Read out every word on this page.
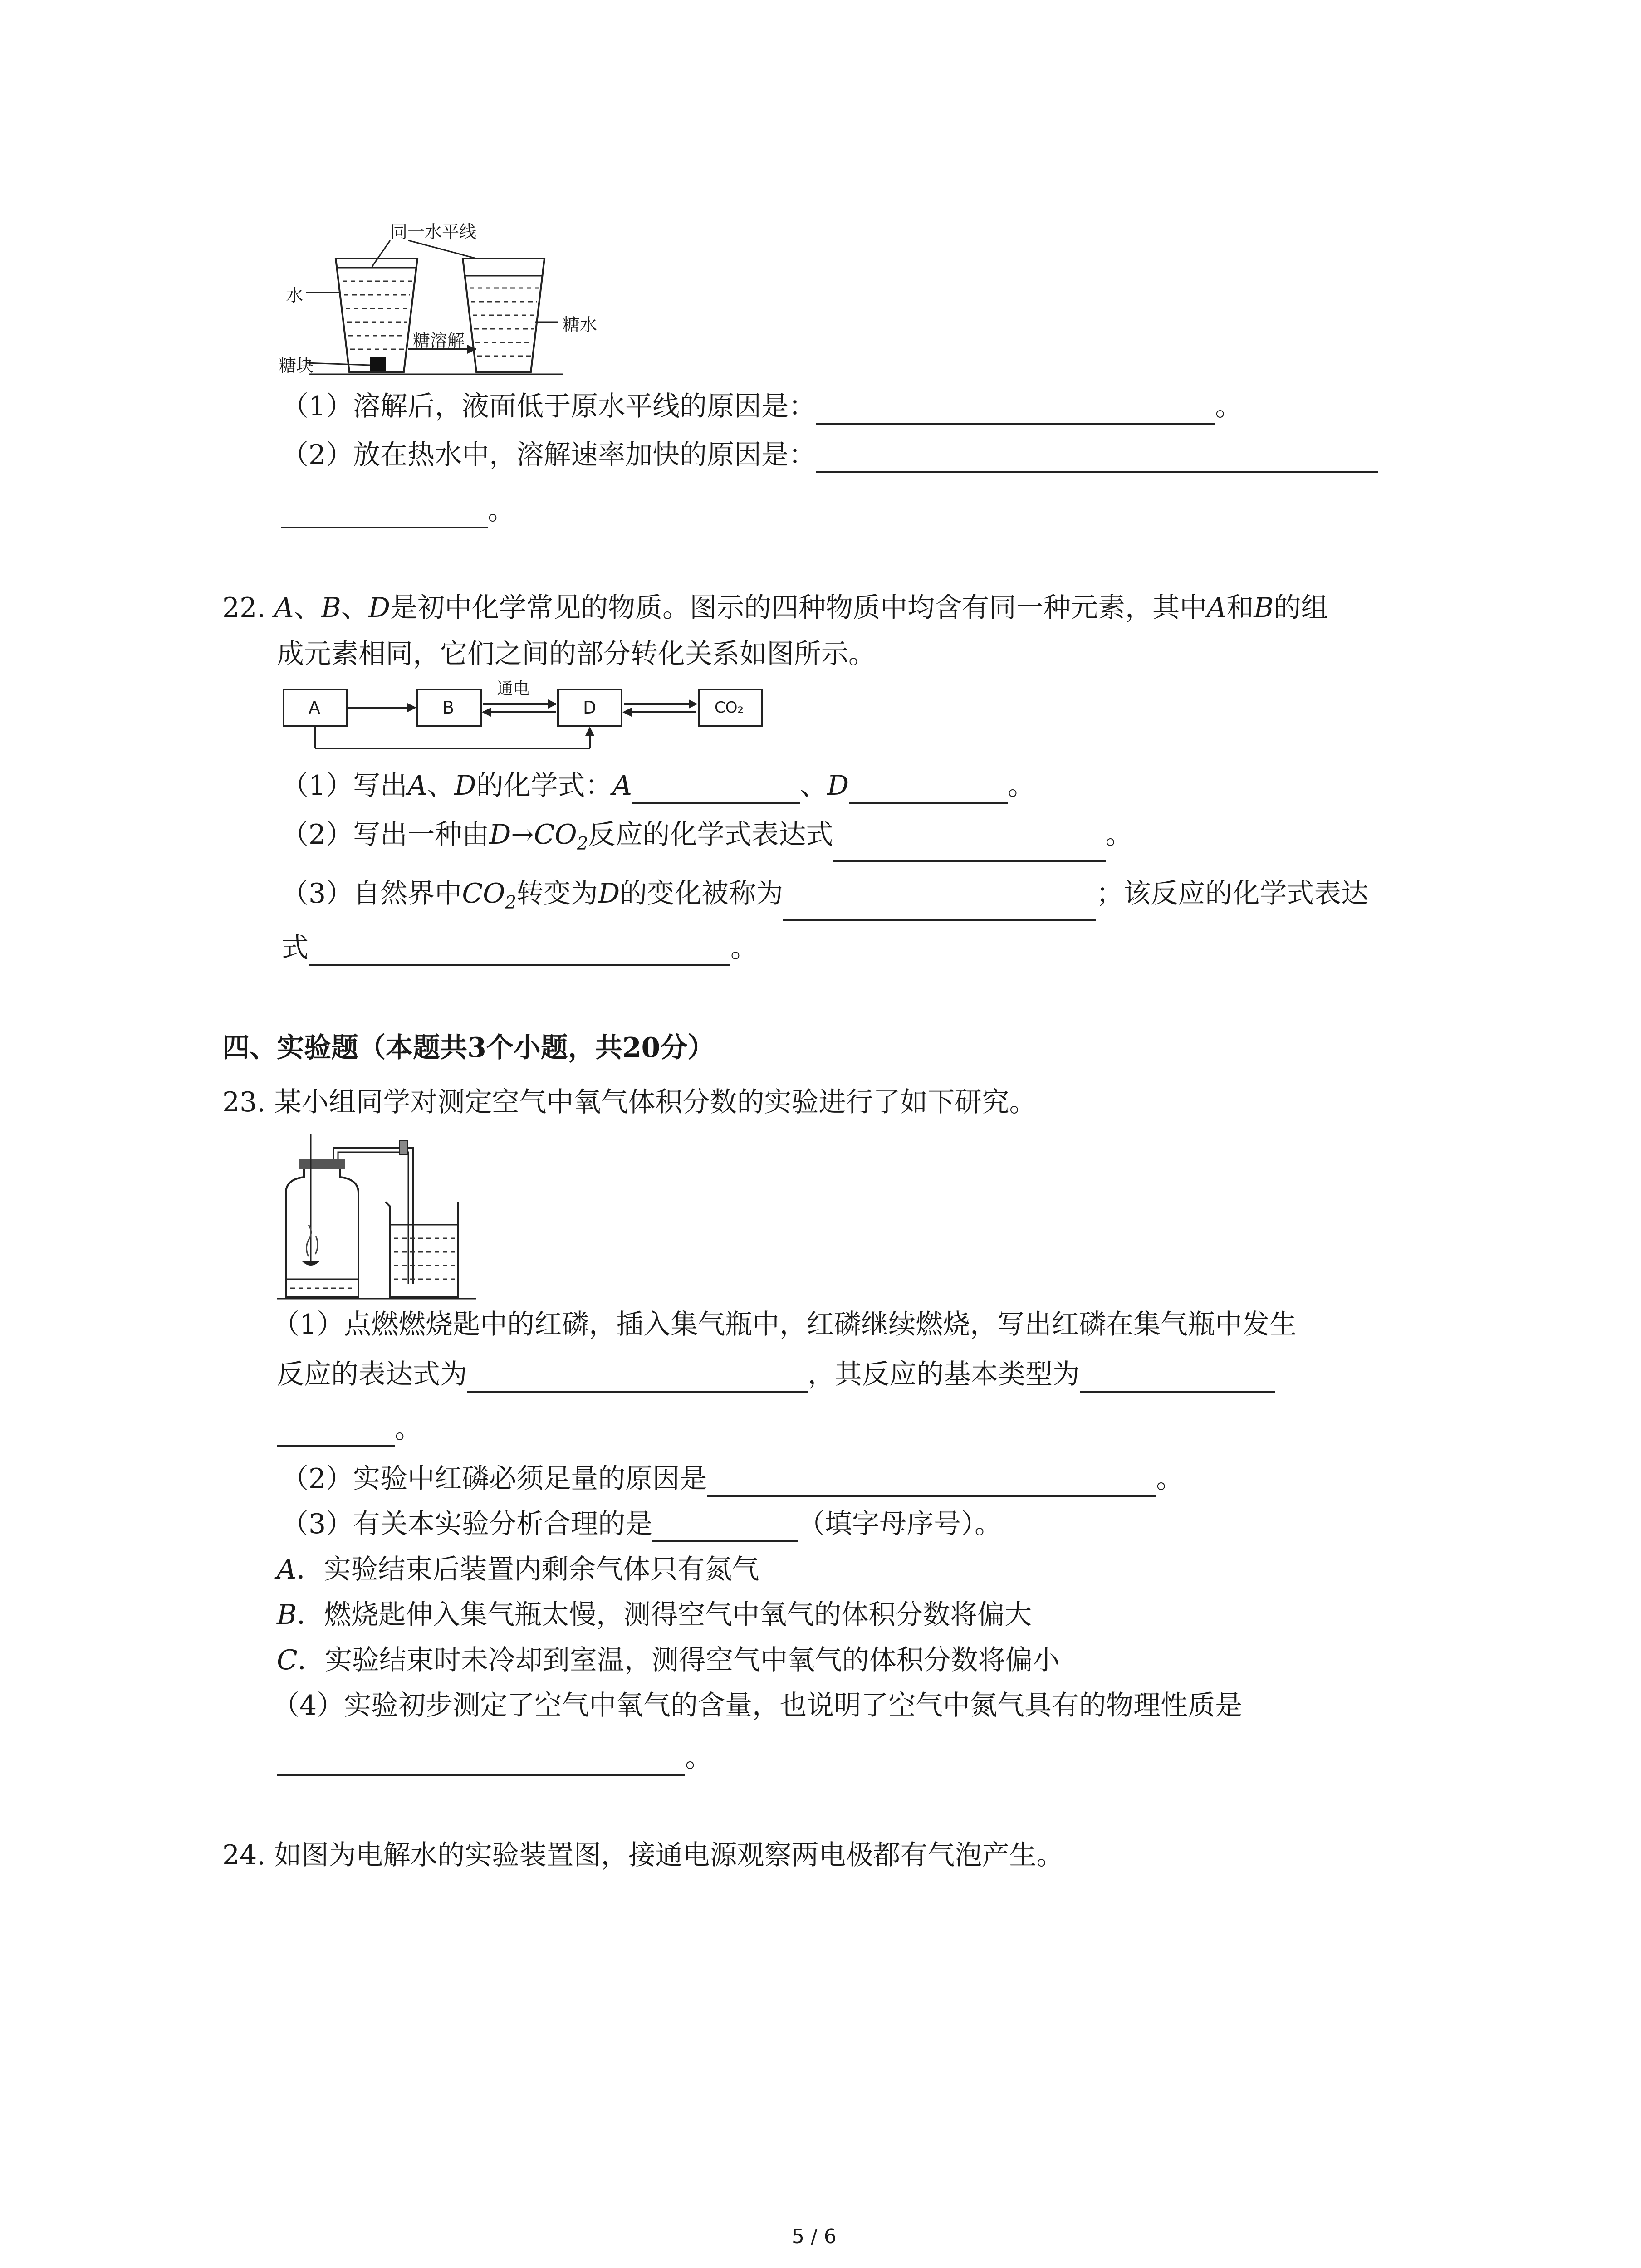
同一水平线
水
糖块
糖溶解
糖水
（1）溶解后，液面低于原水平线的原因是：	。
（2）放在热水中，溶解速率加快的原因是：
。
22. A、B、D是初中化学常见的物质。图示的四种物质中均含有同一种元素，其中A和B的组
成元素相同，它们之间的部分转化关系如图所示。
A	B	D	CO₂
通电
（1）写出A、D的化学式：A	、D	。
（2）写出一种由$D\to CO_2$反应的化学式表达式	。
（3）自然界中$CO_2$转变为D的变化被称为	；该反应的化学式表达
式	。
四、实验题（本题共3个小题，共20分）
23. 某小组同学对测定空气中氧气体积分数的实验进行了如下研究。
（1）点燃燃烧匙中的红磷，插入集气瓶中，红磷继续燃烧，写出红磷在集气瓶中发生
反应的表达式为	，其反应的基本类型为
。
（2）实验中红磷必须足量的原因是	。
（3）有关本实验分析合理的是	（填字母序号）。
A．实验结束后装置内剩余气体只有氮气
B．燃烧匙伸入集气瓶太慢，测得空气中氧气的体积分数将偏大
C．实验结束时未冷却到室温，测得空气中氧气的体积分数将偏小
（4）实验初步测定了空气中氧气的含量，也说明了空气中氮气具有的物理性质是
。
24. 如图为电解水的实验装置图，接通电源观察两电极都有气泡产生。
5 / 6
